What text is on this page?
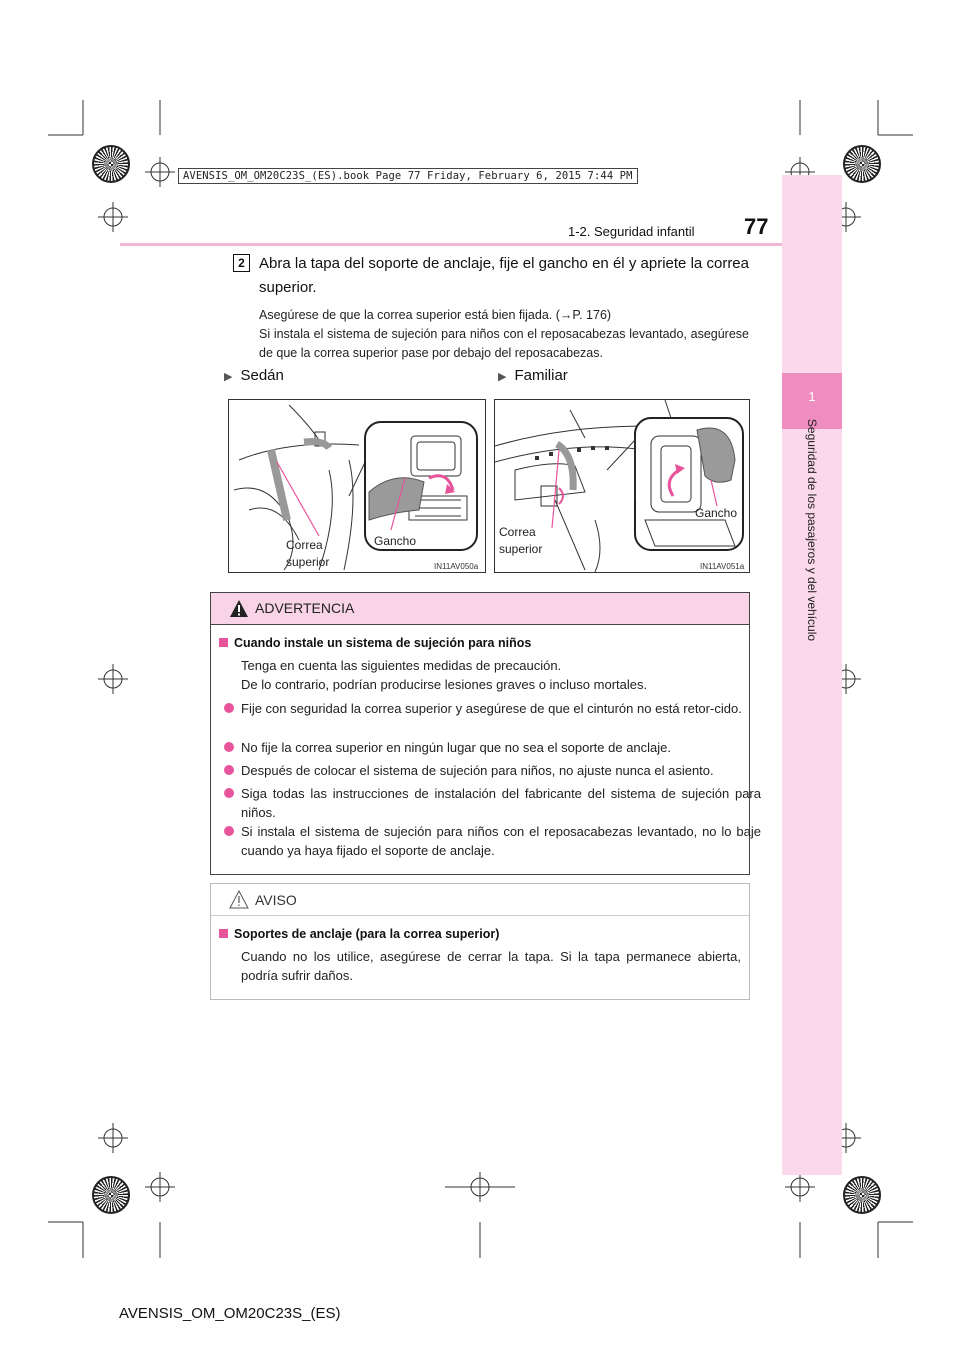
AVENSIS_OM_OM20C23S_(ES).book Page 77 Friday, February 6, 2015 7:44 PM
1
Seguridad de los pasajeros y del vehículo
1-2. Seguridad infantil 77
2 Abra la tapa del soporte de anclaje, fije el gancho en él y apriete la correa superior.
Asegúrese de que la correa superior está bien fijada. (→P. 176)
Si instala el sistema de sujeción para niños con el reposacabezas levantado, asegúrese de que la correa superior pase por debajo del reposacabezas.
▶ Sedán	▶ Familiar
Correa
superior
Gancho
IN11AV050a
Correa
superior
Gancho
IN11AV051a
ADVERTENCIA
Cuando instale un sistema de sujeción para niños
Tenga en cuenta las siguientes medidas de precaución.
De lo contrario, podrían producirse lesiones graves o incluso mortales.
Fije con seguridad la correa superior y asegúrese de que el cinturón no está retor-cido.
No fije la correa superior en ningún lugar que no sea el soporte de anclaje.
Después de colocar el sistema de sujeción para niños, no ajuste nunca el asiento.
Siga todas las instrucciones de instalación del fabricante del sistema de sujeción para niños.
Si instala el sistema de sujeción para niños con el reposacabezas levantado, no lo baje cuando ya haya fijado el soporte de anclaje.
AVISO
Soportes de anclaje (para la correa superior)
Cuando no los utilice, asegúrese de cerrar la tapa. Si la tapa permanece abierta, podría sufrir daños.
AVENSIS_OM_OM20C23S_(ES)
